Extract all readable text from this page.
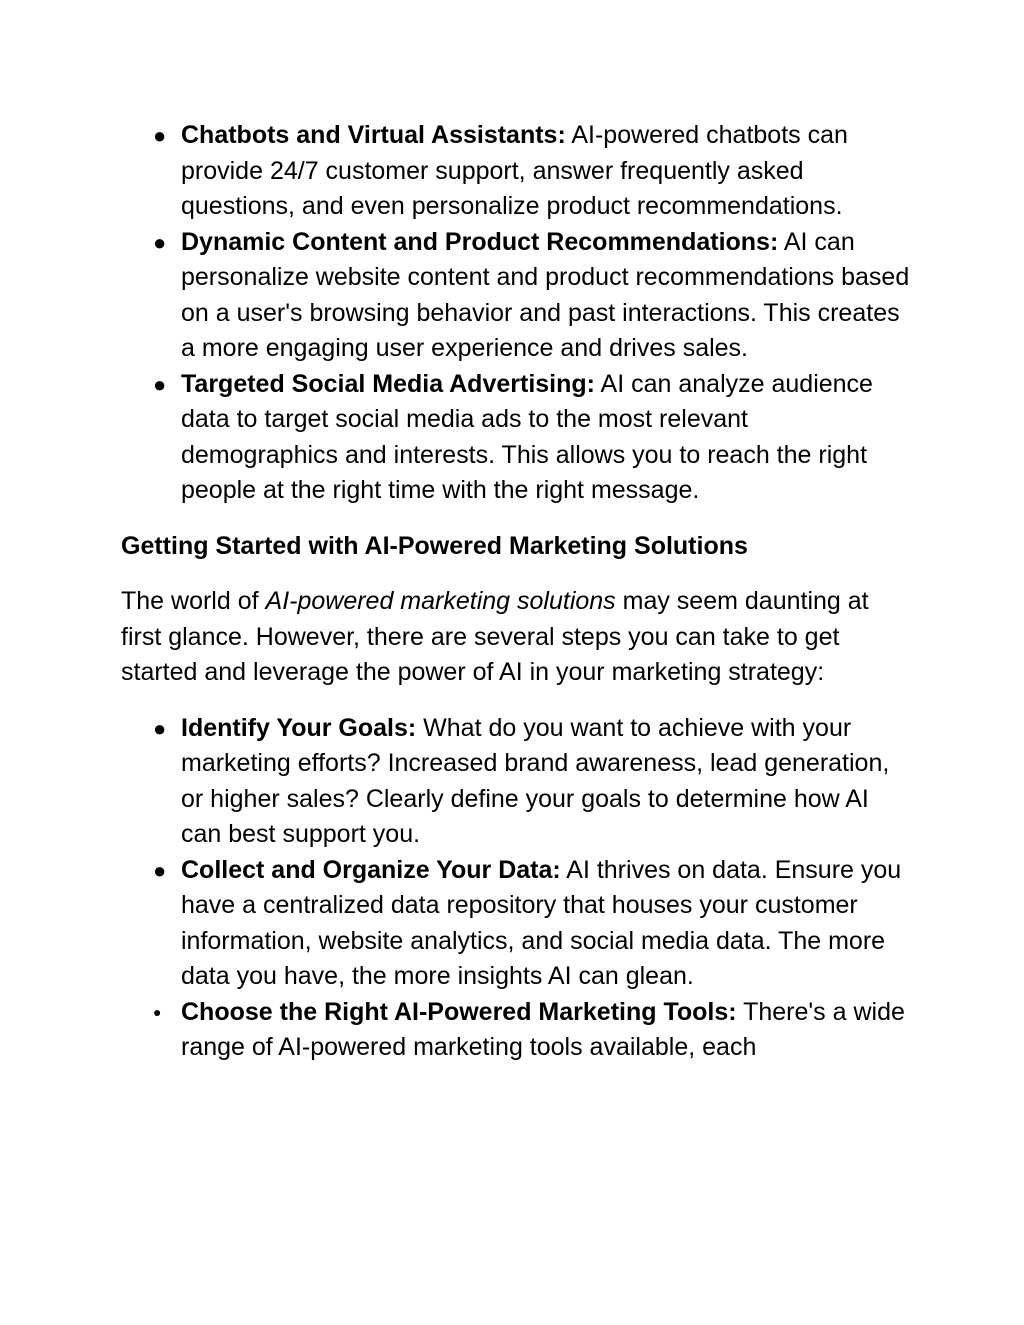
● Chatbots and Virtual Assistants: AI-powered chatbots can provide 24/7 customer support, answer frequently asked questions, and even personalize product recommendations.
● Dynamic Content and Product Recommendations: AI can personalize website content and product recommendations based on a user's browsing behavior and past interactions. This creates a more engaging user experience and drives sales.
● Targeted Social Media Advertising: AI can analyze audience data to target social media ads to the most relevant demographics and interests. This allows you to reach the right people at the right time with the right message.
Getting Started with AI-Powered Marketing Solutions

The world of AI-powered marketing solutions may seem daunting at first glance. However, there are several steps you can take to get started and leverage the power of AI in your marketing strategy:

● Identify Your Goals: What do you want to achieve with your marketing efforts? Increased brand awareness, lead generation, or higher sales? Clearly define your goals to determine how AI can best support you.
● Collect and Organize Your Data: AI thrives on data. Ensure you have a centralized data repository that houses your customer information, website analytics, and social media data. The more data you have, the more insights AI can glean.
● Choose the Right AI-Powered Marketing Tools: There's a wide range of AI-powered marketing tools available, each
